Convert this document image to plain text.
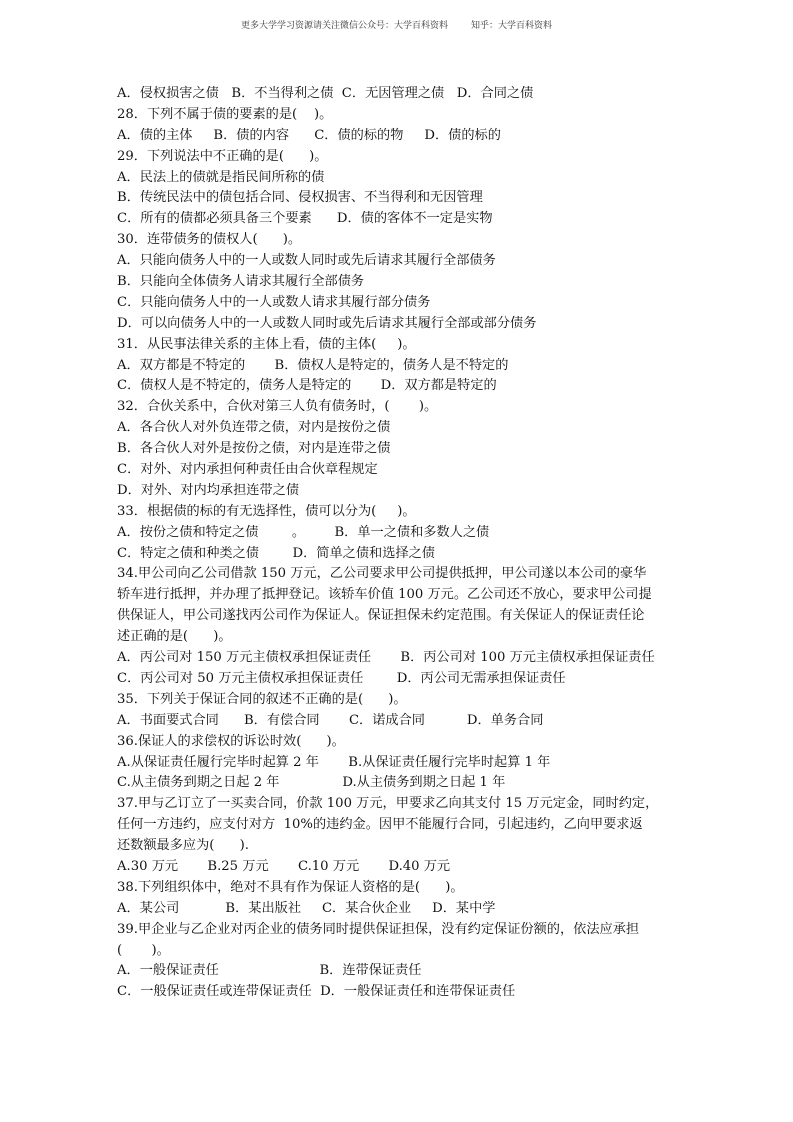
更多大学学习资源请关注微信公众号：大学百科资料	知乎：大学百科资料
A．侵权损害之债   B．不当得利之债  C．无因管理之债   D．合同之债
28．下列不属于债的要素的是(    )。
A．债的主体     B．债的内容      C．债的标的物     D．债的标的
29．下列说法中不正确的是(      )。
A．民法上的债就是指民间所称的债
B．传统民法中的债包括合同、侵权损害、不当得利和无因管理
C．所有的债都必须具备三个要素      D．债的客体不一定是实物
30．连带债务的债权人(      )。
A．只能向债务人中的一人或数人同时或先后请求其履行全部债务
B．只能向全体债务人请求其履行全部债务
C．只能向债务人中的一人或数人请求其履行部分债务
D．可以向债务人中的一人或数人同时或先后请求其履行全部或部分债务
31．从民事法律关系的主体上看，债的主体(     )。
A．双方都是不特定的       B．债权人是特定的，债务人是不特定的
C．债权人是不特定的，债务人是特定的       D．双方都是特定的
32．合伙关系中，合伙对第三人负有债务时，(       )。
A．各合伙人对外负连带之债，对内是按份之债
B．各合伙人对外是按份之债，对内是连带之债
C．对外、对内承担何种责任由合伙章程规定
D．对外、对内均承担连带之债
33．根据债的标的有无选择性，债可以分为(     )。
A．按份之债和特定之债        。       B．单一之债和多数人之债
C．特定之债和种类之债        D．简单之债和选择之债
34.甲公司向乙公司借款 150 万元，乙公司要求甲公司提供抵押，甲公司遂以本公司的豪华
轿车进行抵押，并办理了抵押登记。该轿车价值 100 万元。乙公司还不放心，要求甲公司提
供保证人，甲公司遂找丙公司作为保证人。保证担保未约定范围。有关保证人的保证责任论
述正确的是(      )。
A．丙公司对 150 万元主债权承担保证责任       B．丙公司对 100 万元主债权承担保证责任
C．丙公司对 50 万元主债权承担保证责任        D．丙公司无需承担保证责任
35．下列关于保证合同的叙述不正确的是(      )。
A．书面要式合同      B．有偿合同       C．诺成合同          D．单务合同
36.保证人的求偿权的诉讼时效(      )。
A.从保证责任履行完毕时起算 2 年       B.从保证责任履行完毕时起算 1 年
C.从主债务到期之日起 2 年               D.从主债务到期之日起 1 年
37.甲与乙订立了一买卖合同，价款 100 万元，甲要求乙向其支付 15 万元定金，同时约定，
任何一方违约，应支付对方  10%的违约金。因甲不能履行合同，引起违约，乙向甲要求返
还数额最多应为(      ).
A.30 万元       B.25 万元       C.10 万元       D.40 万元
38.下列组织体中，绝对不具有作为保证人资格的是(      )。
A．某公司           B．某出版社     C．某合伙企业     D．某中学
39.甲企业与乙企业对丙企业的债务同时提供保证担保，没有约定保证份额的，依法应承担
(       )。
A．一般保证责任                        B．连带保证责任
C．一般保证责任或连带保证责任  D．一般保证责任和连带保证责任
